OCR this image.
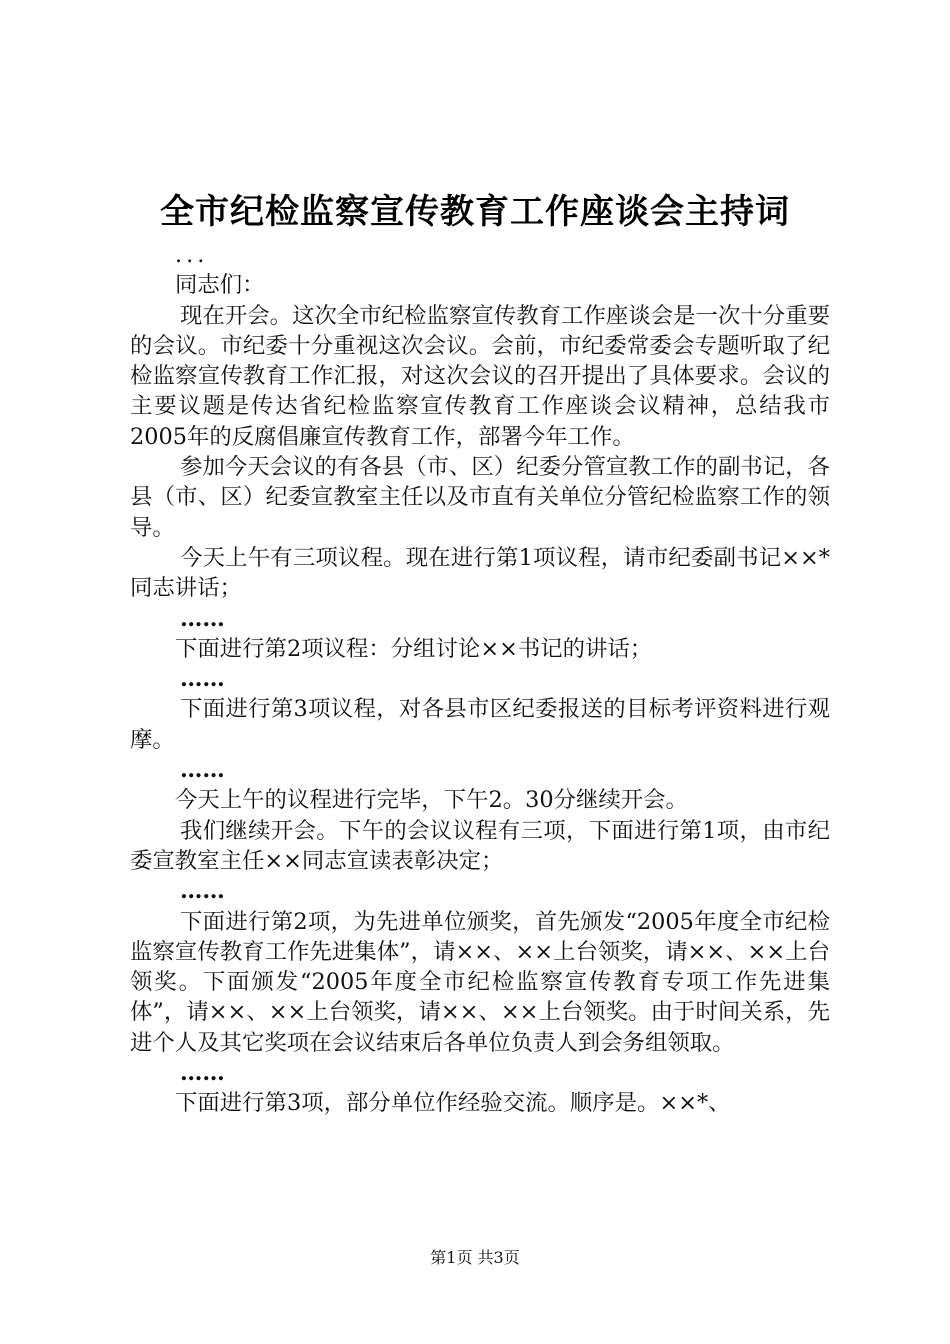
全市纪检监察宣传教育工作座谈会主持词

...

同志们：

现在开会。这次全市纪检监察宣传教育工作座谈会是一次十分重要的会议。市纪委十分重视这次会议。会前，市纪委常委会专题听取了纪检监察宣传教育工作汇报，对这次会议的召开提出了具体要求。会议的主要议题是传达省纪检监察宣传教育工作座谈会议精神，总结我市2005年的反腐倡廉宣传教育工作，部署今年工作。

参加今天会议的有各县（市、区）纪委分管宣教工作的副书记，各县（市、区）纪委宣教室主任以及市直有关单位分管纪检监察工作的领导。

今天上午有三项议程。现在进行第1项议程，请市纪委副书记××*同志讲话；

……

下面进行第2项议程：分组讨论××书记的讲话；

……

下面进行第3项议程，对各县市区纪委报送的目标考评资料进行观摩。

……

今天上午的议程进行完毕，下午2。30分继续开会。

我们继续开会。下午的会议议程有三项，下面进行第1项，由市纪委宣教室主任××同志宣读表彰决定；

……

下面进行第2项，为先进单位颁奖，首先颁发“2005年度全市纪检监察宣传教育工作先进集体”，请××、××上台领奖，请××、××上台领奖。下面颁发“2005年度全市纪检监察宣传教育专项工作先进集体”，请××、××上台领奖，请××、××上台领奖。由于时间关系，先进个人及其它奖项在会议结束后各单位负责人到会务组领取。

……

下面进行第3项，部分单位作经验交流。顺序是。××*、

第1页 共3页
